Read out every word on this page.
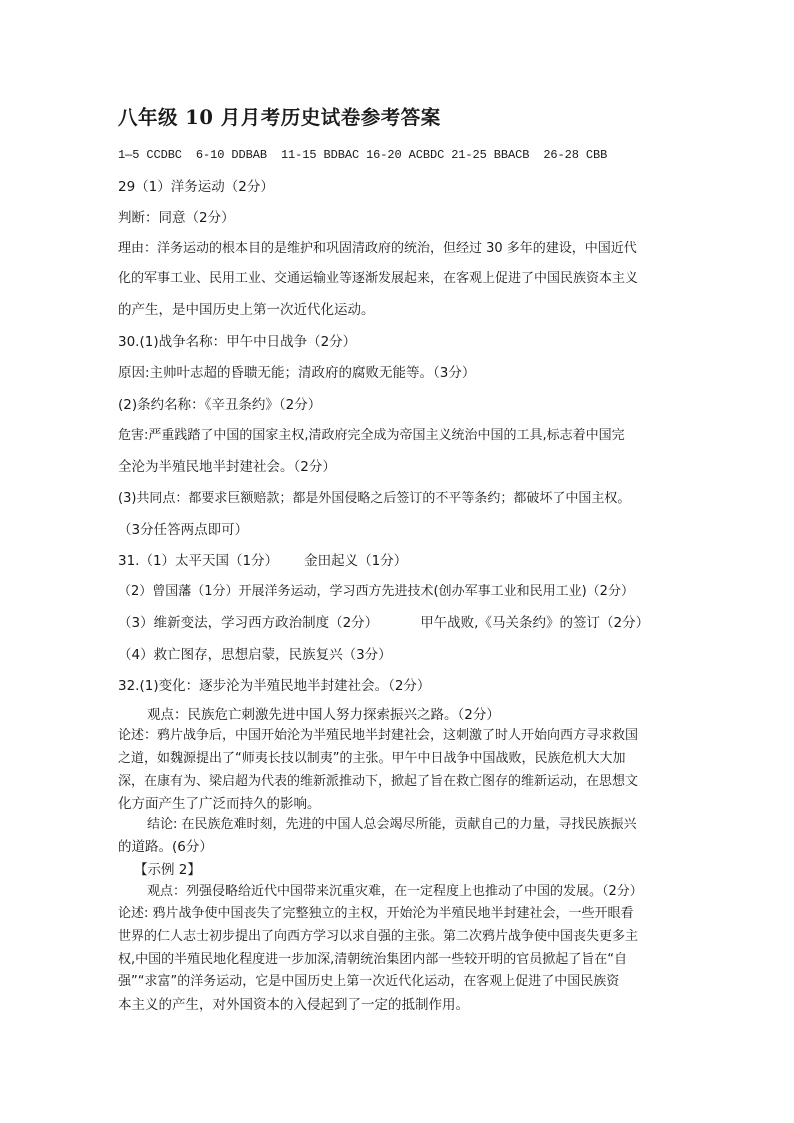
八年级 10 月月考历史试卷参考答案
1—5 CCDBC 6-10 DDBAB 11-15 BDBAC 16-20 ACBDC 21-25 BBACB 26-28 CBB
29（1）洋务运动（2分）
判断：同意（2分）
理由：洋务运动的根本目的是维护和巩固清政府的统治，但经过 30 多年的建设，中国近代
化的军事工业、民用工业、交通运输业等逐渐发展起来，在客观上促进了中国民族资本主义
的产生，是中国历史上第一次近代化运动。
30.(1)战争名称：甲午中日战争（2分）
原因:主帅叶志超的昏聩无能；清政府的腐败无能等。（3分）
(2)条约名称：《辛丑条约》（2分）
危害:严重践踏了中国的国家主权,清政府完全成为帝国主义统治中国的工具,标志着中国完
全沦为半殖民地半封建社会。（2分）
(3)共同点：都要求巨额赔款；都是外国侵略之后签订的不平等条约；都破坏了中国主权。
（3分任答两点即可）
31.（1）太平天国（1分） 金田起义（1分）
（2）曾国藩（1分）开展洋务运动，学习西方先进技术(创办军事工业和民用工业)（2分）
（3）维新变法，学习西方政治制度（2分）	甲午战败,《马关条约》的签订（2分）
（4）救亡图存，思想启蒙，民族复兴（3分）
32.(1)变化：逐步沦为半殖民地半封建社会。（2分）
观点：民族危亡刺激先进中国人努力探索振兴之路。（2分）
论述：鸦片战争后，中国开始沦为半殖民地半封建社会，这刺激了时人开始向西方寻求救国
之道，如魏源提出了“师夷长技以制夷”的主张。甲午中日战争中国战败，民族危机大大加
深，在康有为、梁启超为代表的维新派推动下，掀起了旨在救亡图存的维新运动，在思想文
化方面产生了广泛而持久的影响。
结论: 在民族危难时刻，先进的中国人总会竭尽所能，贡献自己的力量，寻找民族振兴
的道路。(6分）
【示例 2】
观点：列强侵略给近代中国带来沉重灾难，在一定程度上也推动了中国的发展。（2分）
论述: 鸦片战争使中国丧失了完整独立的主权，开始沦为半殖民地半封建社会，一些开眼看
世界的仁人志士初步提出了向西方学习以求自强的主张。第二次鸦片战争使中国丧失更多主
权,中国的半殖民地化程度进一步加深,清朝统治集团内部一些较开明的官员掀起了旨在“自
强”“求富”的洋务运动，它是中国历史上第一次近代化运动，在客观上促进了中国民族资
本主义的产生，对外国资本的入侵起到了一定的抵制作用。
